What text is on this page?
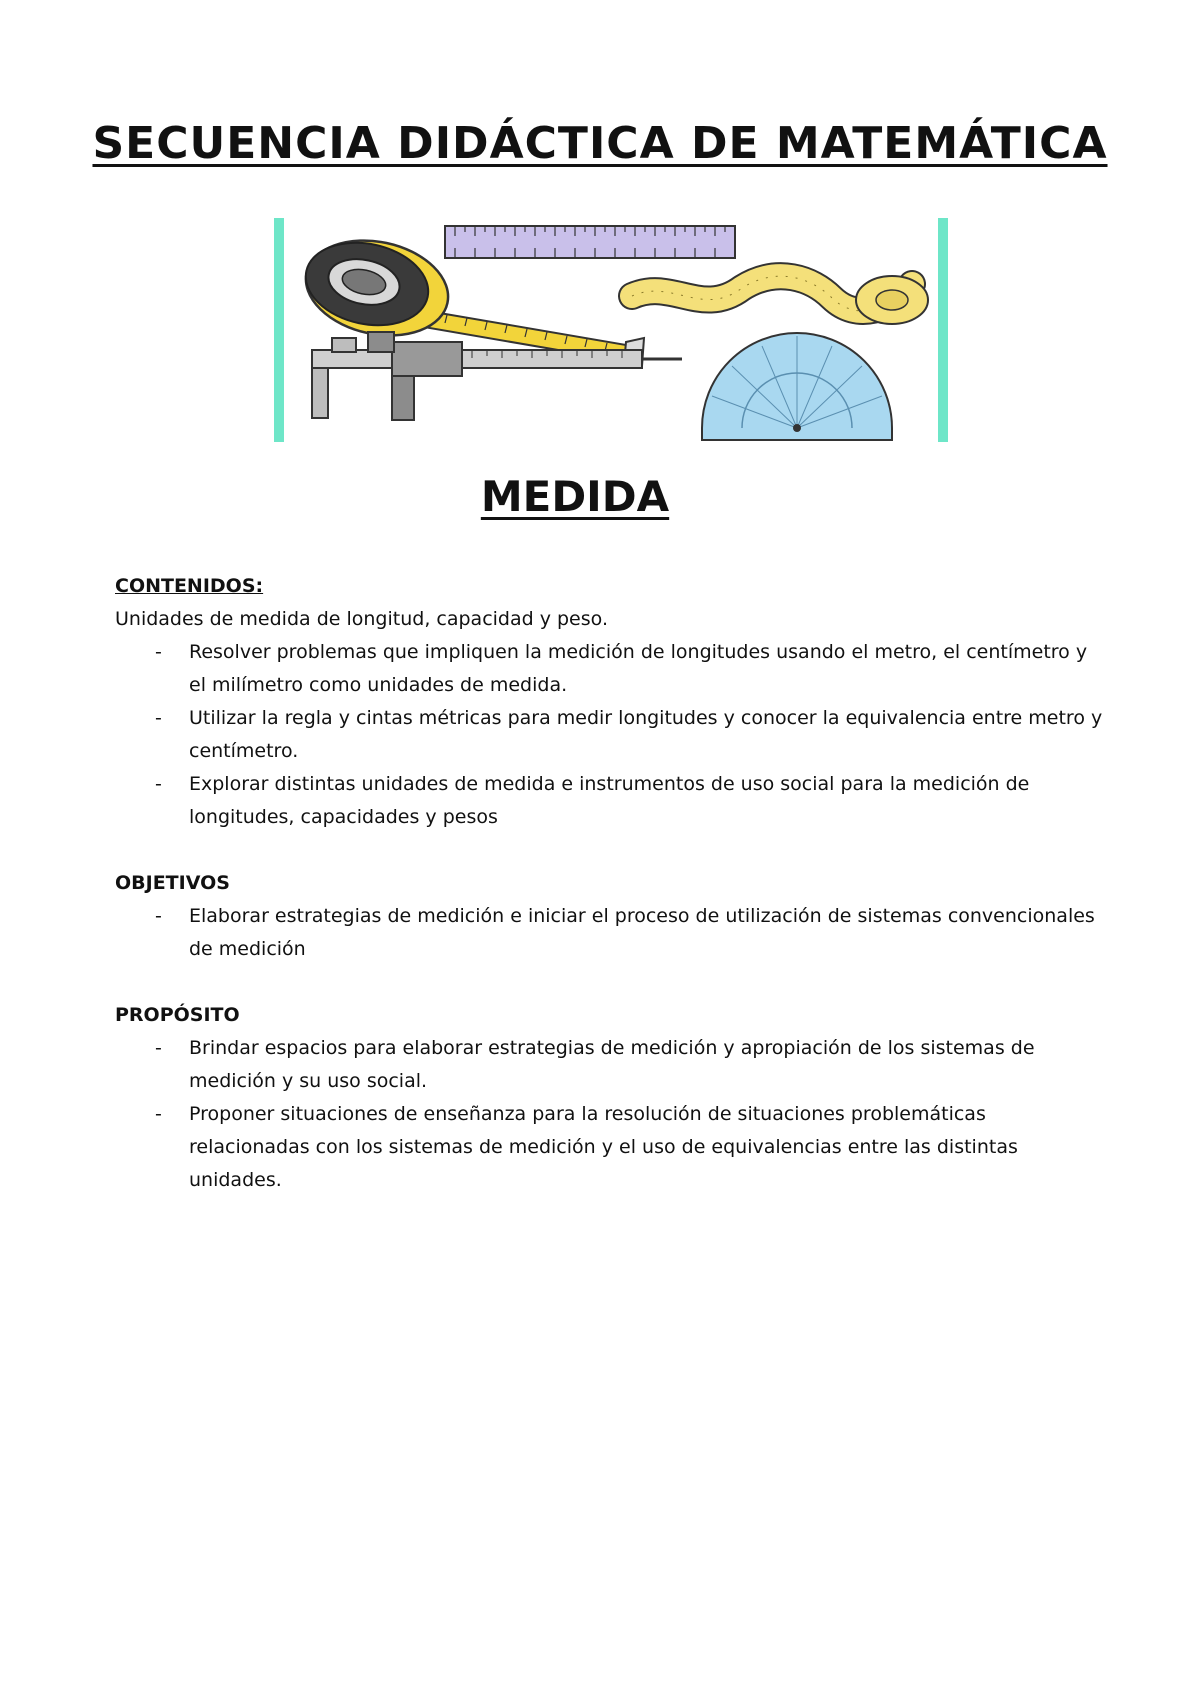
SECUENCIA DIDÁCTICA DE MATEMÁTICA
MEDIDA
CONTENIDOS:

Unidades de medida de longitud, capacidad y peso.

- Resolver problemas que impliquen la medición de longitudes usando el metro, el centímetro y el milímetro como unidades de medida.
- Utilizar la regla y cintas métricas para medir longitudes y conocer la equivalencia entre metro y centímetro.
- Explorar distintas unidades de medida e instrumentos de uso social para la medición de longitudes, capacidades y pesos
OBJETIVOS
- Elaborar estrategias de medición e iniciar el proceso de utilización de sistemas convencionales de medición
PROPÓSITO
- Brindar espacios para elaborar estrategias de medición y apropiación de los sistemas de medición y su uso social.
- Proponer situaciones de enseñanza para la resolución de situaciones problemáticas relacionadas con los sistemas de medición y el uso de equivalencias entre las distintas unidades.
